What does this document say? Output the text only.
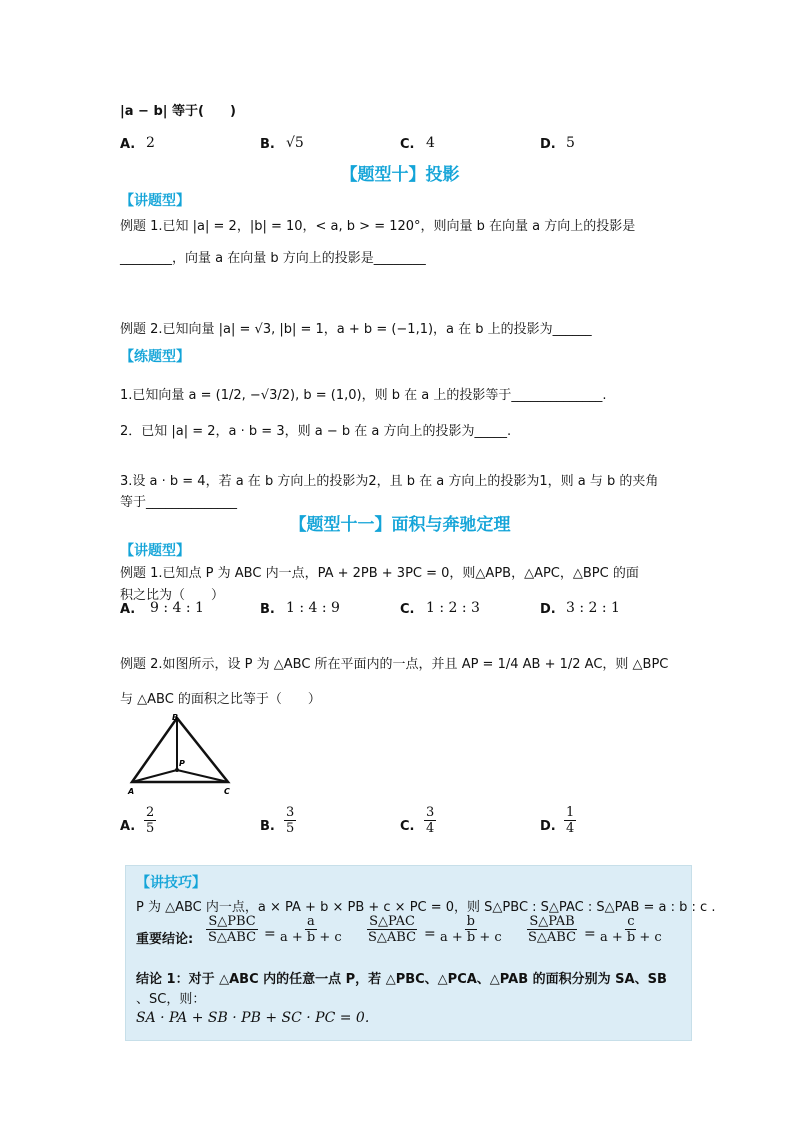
|a − b| 等于(　　)
A. 2	B. √5	C. 4	D. 5
【题型十】投影
【讲题型】
例题 1.已知 |a| = 2，|b| = 10，< a, b > = 120°，则向量 b 在向量 a 方向上的投影是
________，向量 a 在向量 b 方向上的投影是________
例题 2.已知向量 |a| = √3, |b| = 1，a + b = (−1,1)，a 在 b 上的投影为______
【练题型】
1.已知向量 a = (1/2, −√3/2), b = (1,0)，则 b 在 a 上的投影等于______________.
2．已知 |a| = 2，a · b = 3，则 a − b 在 a 方向上的投影为_____.
3.设 a · b = 4，若 a 在 b 方向上的投影为2，且 b 在 a 方向上的投影为1，则 a 与 b 的夹角
等于______________
【题型十一】面积与奔驰定理
【讲题型】
例题 1.已知点 P 为 ABC 内一点，PA + 2PB + 3PC = 0，则△APB，△APC，△BPC 的面
积之比为（　　）
A. 9 : 4 : 1	B. 1 : 4 : 9	C. 1 : 2 : 3	D. 3 : 2 : 1
例题 2.如图所示，设 P 为 △ABC 所在平面内的一点，并且 AP = 1/4 AB + 1/2 AC，则 △BPC
与 △ABC 的面积之比等于（　　）
B
P
A	C
A. $\frac{2}{5}$	B. $\frac{3}{5}$	C. $\frac{3}{4}$	D. $\frac{1}{4}$
【讲技巧】
P 为 △ABC 内一点，a × PA + b × PB + c × PC = 0，则 S△PBC : S△PAC : S△PAB = a : b : c .
重要结论:
S△PBC
S△ABC = $\frac{a}{a + b + c}$ S△PAC
S△ABC = $\frac{b}{a + b + c}$ S△PAB
S△ABC = $\frac{c}{a + b + c}$
结论 1：对于 △ABC 内的任意一点 P，若 △PBC、△PCA、△PAB 的面积分别为 SA、SB
、SC，则：
SA · PA + SB · PB + SC · PC = 0.
